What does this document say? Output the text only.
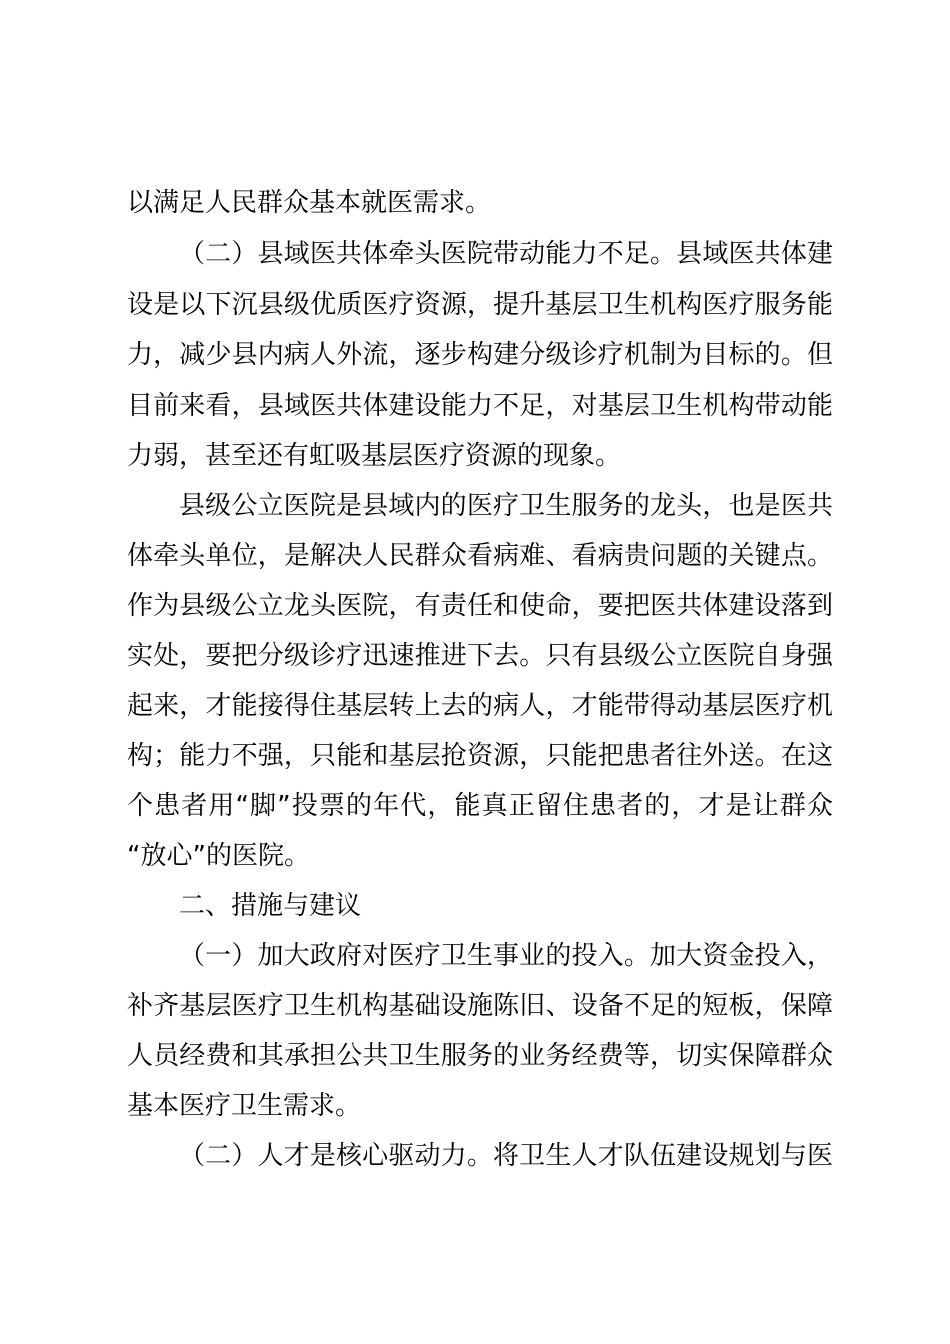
以满足人民群众基本就医需求。

（二）县域医共体牵头医院带动能力不足。县域医共体建

设是以下沉县级优质医疗资源，提升基层卫生机构医疗服务能

力，减少县内病人外流，逐步构建分级诊疗机制为目标的。但

目前来看，县域医共体建设能力不足，对基层卫生机构带动能

力弱，甚至还有虹吸基层医疗资源的现象。

县级公立医院是县域内的医疗卫生服务的龙头，也是医共

体牵头单位，是解决人民群众看病难、看病贵问题的关键点。

作为县级公立龙头医院，有责任和使命，要把医共体建设落到

实处，要把分级诊疗迅速推进下去。只有县级公立医院自身强

起来，才能接得住基层转上去的病人，才能带得动基层医疗机

构；能力不强，只能和基层抢资源，只能把患者往外送。在这

个患者用“脚”投票的年代，能真正留住患者的，才是让群众

“放心”的医院。

二、措施与建议

（一）加大政府对医疗卫生事业的投入。加大资金投入，

补齐基层医疗卫生机构基础设施陈旧、设备不足的短板，保障

人员经费和其承担公共卫生服务的业务经费等，切实保障群众

基本医疗卫生需求。

（二）人才是核心驱动力。将卫生人才队伍建设规划与医
